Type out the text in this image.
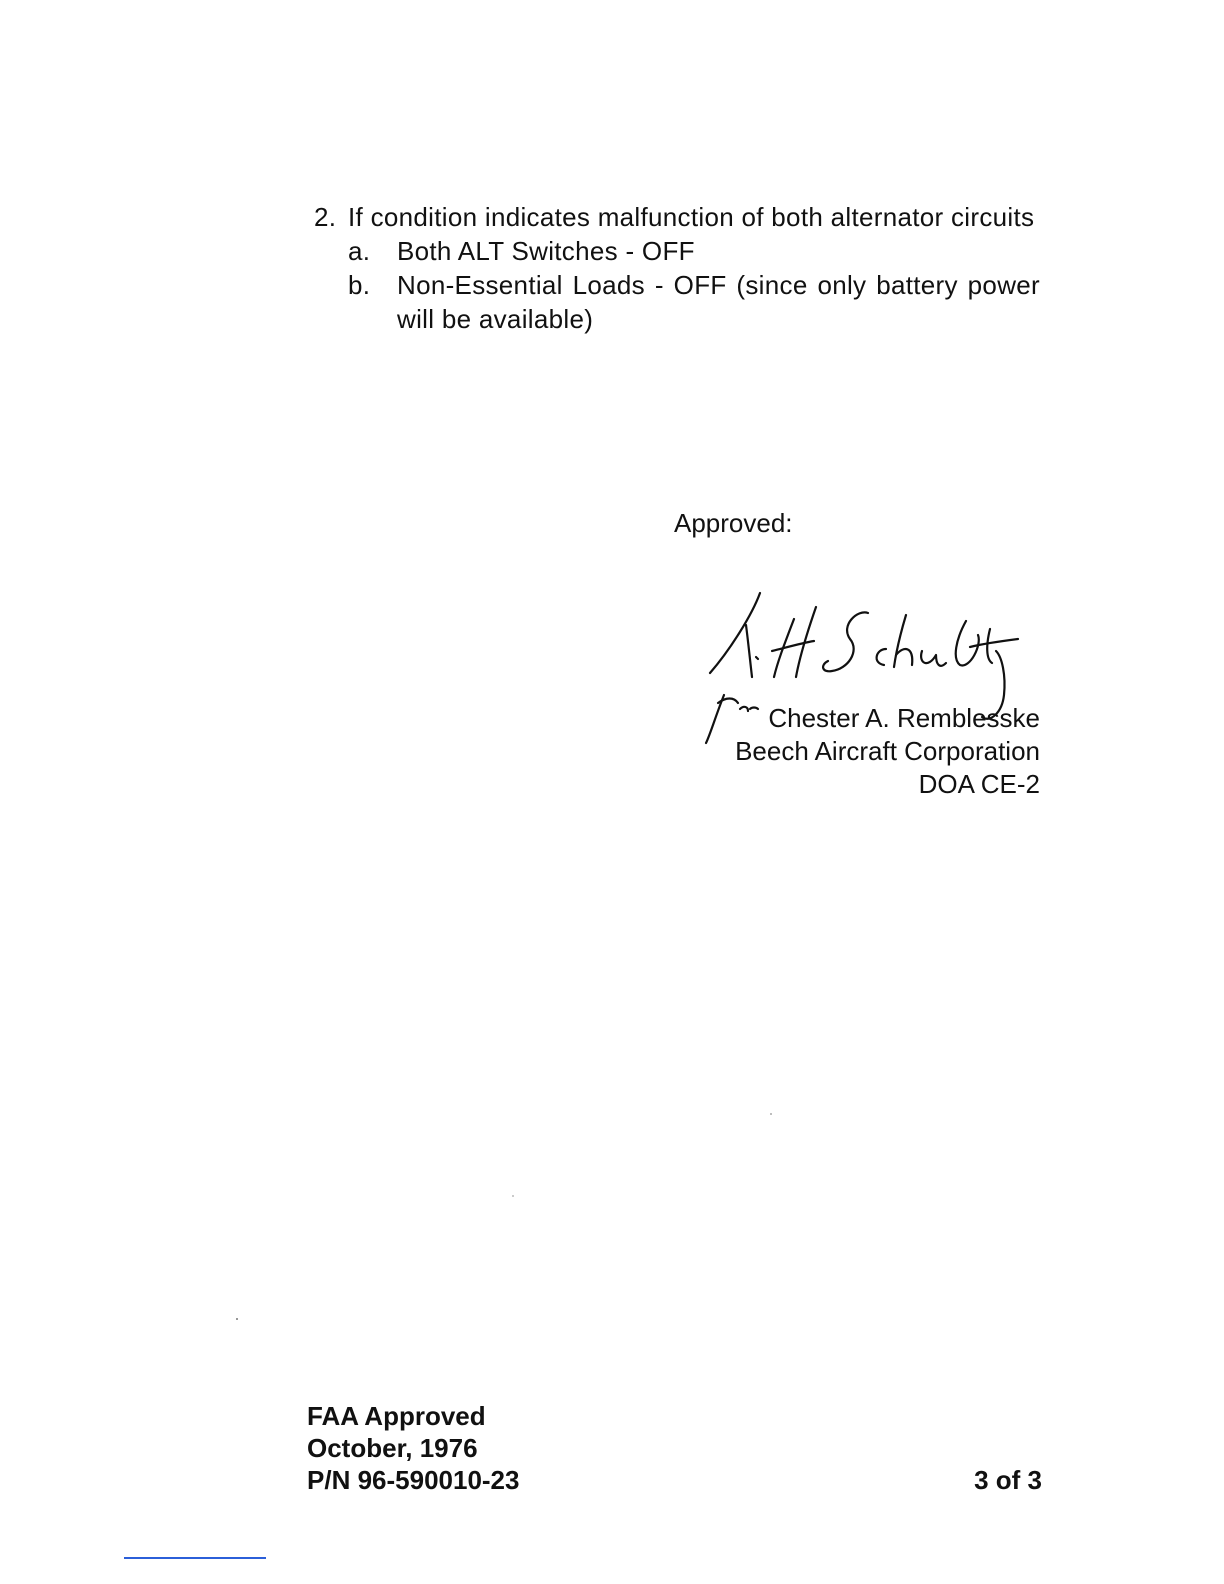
2. If condition indicates malfunction of both alternator circuits
a.	Both ALT Switches - OFF
b.	Non-Essential Loads - OFF (since only battery power will be available)
Approved:
Chester A. Remblesske
Beech Aircraft Corporation
DOA CE-2
FAA Approved
October, 1976
P/N 96-590010-23	3 of 3
